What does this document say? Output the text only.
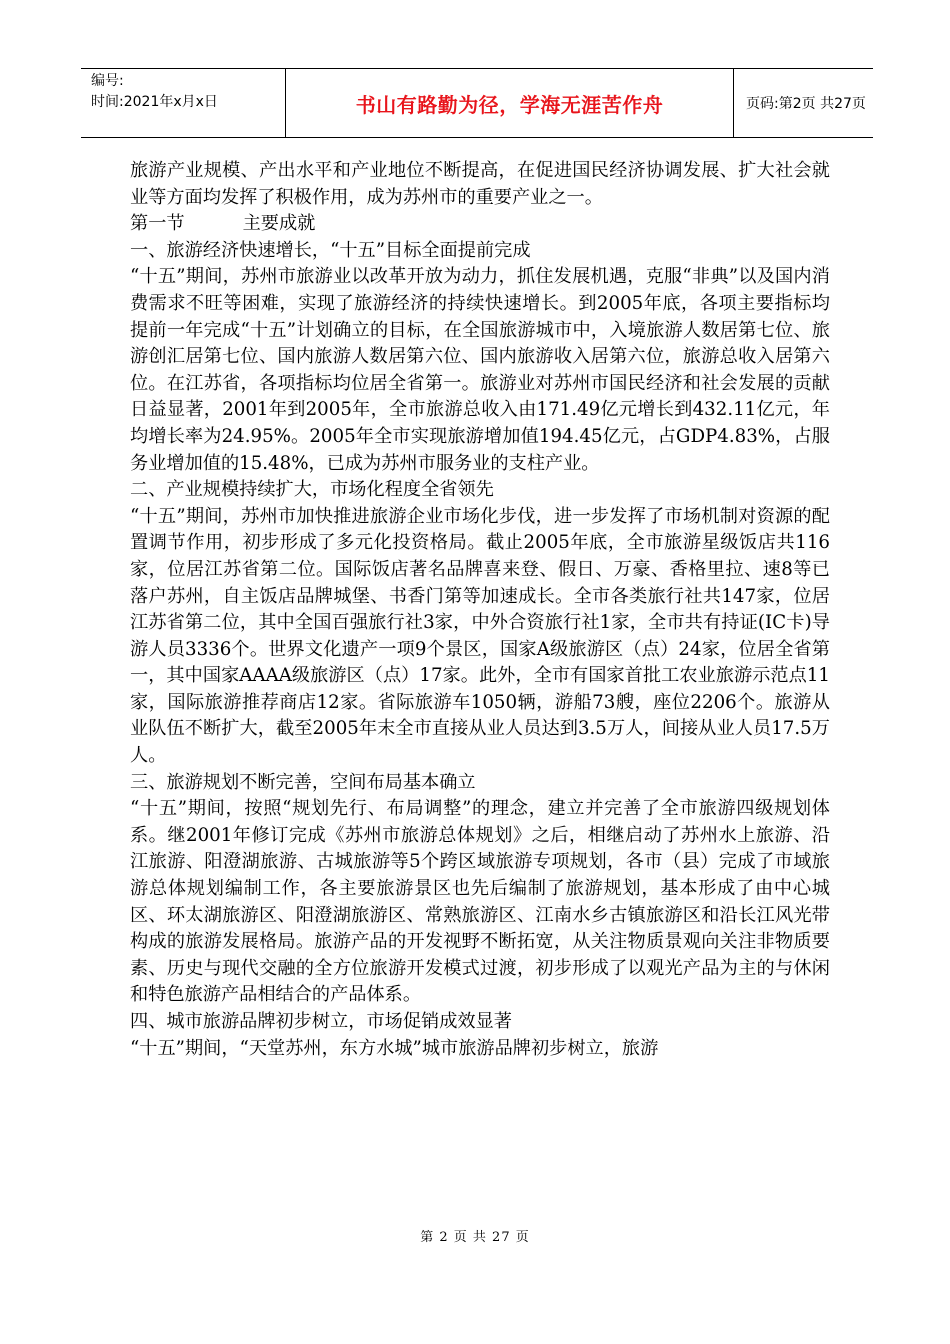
编号:
时间:2021年x月x日	书山有路勤为径，学海无涯苦作舟	页码:第2页 共27页

旅游产业规模、产出水平和产业地位不断提高，在促进国民经济协调发展、扩大社会就业等方面均发挥了积极作用，成为苏州市的重要产业之一。

第一节	主要成就

一、旅游经济快速增长，“十五”目标全面提前完成

“十五”期间，苏州市旅游业以改革开放为动力，抓住发展机遇，克服“非典”以及国内消费需求不旺等困难，实现了旅游经济的持续快速增长。到2005年底，各项主要指标均提前一年完成“十五”计划确立的目标，在全国旅游城市中，入境旅游人数居第七位、旅游创汇居第七位、国内旅游人数居第六位、国内旅游收入居第六位，旅游总收入居第六位。在江苏省，各项指标均位居全省第一。旅游业对苏州市国民经济和社会发展的贡献日益显著，2001年到2005年，全市旅游总收入由171.49亿元增长到432.11亿元，年均增长率为24.95%。2005年全市实现旅游增加值194.45亿元，占GDP4.83%，占服务业增加值的15.48%，已成为苏州市服务业的支柱产业。

二、产业规模持续扩大，市场化程度全省领先

“十五”期间，苏州市加快推进旅游企业市场化步伐，进一步发挥了市场机制对资源的配置调节作用，初步形成了多元化投资格局。截止2005年底，全市旅游星级饭店共116家，位居江苏省第二位。国际饭店著名品牌喜来登、假日、万豪、香格里拉、速8等已落户苏州，自主饭店品牌城堡、书香门第等加速成长。全市各类旅行社共147家，位居江苏省第二位，其中全国百强旅行社3家，中外合资旅行社1家，全市共有持证(IC卡)导游人员3336个。世界文化遗产一项9个景区，国家A级旅游区（点）24家，位居全省第一，其中国家AAAA级旅游区（点）17家。此外，全市有国家首批工农业旅游示范点11家，国际旅游推荐商店12家。省际旅游车1050辆，游船73艘，座位2206个。旅游从业队伍不断扩大，截至2005年末全市直接从业人员达到3.5万人，间接从业人员17.5万人。

三、旅游规划不断完善，空间布局基本确立

“十五”期间，按照“规划先行、布局调整”的理念，建立并完善了全市旅游四级规划体系。继2001年修订完成《苏州市旅游总体规划》之后，相继启动了苏州水上旅游、沿江旅游、阳澄湖旅游、古城旅游等5个跨区域旅游专项规划，各市（县）完成了市域旅游总体规划编制工作，各主要旅游景区也先后编制了旅游规划，基本形成了由中心城区、环太湖旅游区、阳澄湖旅游区、常熟旅游区、江南水乡古镇旅游区和沿长江风光带构成的旅游发展格局。旅游产品的开发视野不断拓宽，从关注物质景观向关注非物质要素、历史与现代交融的全方位旅游开发模式过渡，初步形成了以观光产品为主的与休闲和特色旅游产品相结合的产品体系。

四、城市旅游品牌初步树立，市场促销成效显著

“十五”期间，“天堂苏州，东方水城”城市旅游品牌初步树立，旅游

第 2 页 共 27 页
